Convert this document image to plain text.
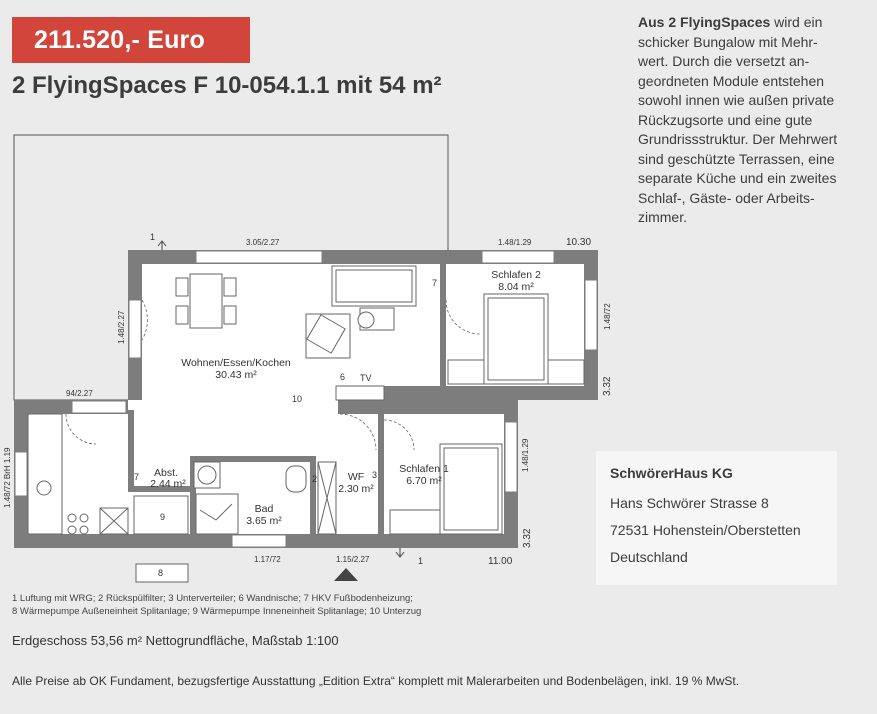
211.520,- Euro
2 FlyingSpaces F 10-054.1.1 mit 54 m²
Aus 2 FlyingSpaces wird ein
schicker Bungalow mit Mehr-
wert. Durch die versetzt an-
geordneten Module entstehen
sowohl innen wie außen private
Rückzugsorte und eine gute
Grundrissstruktur. Der Mehrwert
sind geschützte Terrassen, eine
separate Küche und ein zweites
Schlaf-, Gäste- oder Arbeits-
zimmer.
Wohnen/Essen/Kochen
30.43 m²
Schlafen 2
8.04 m²
Schlafen 1
6.70 m²
Abst.
2.44 m²
Bad
3.65 m²
WF
2.30 m²
3.05/2.27	1.48/1.29	10.30
1.48/2.27	1.48/72
3.32
94/2.27
1.48/72 BrH 1.19	1.48/1.29
3.32
11.00
1.17/72	1.15/2.27
1
1
2	3
6
7
7
8
9
10
TV
SchwörerHaus KG
Hans Schwörer Strasse 8
72531 Hohenstein/Oberstetten
Deutschland
1 Luftung mit WRG; 2 Rückspülfilter; 3 Unterverteiler; 6 Wandnische; 7 HKV Fußbodenheizung;
8 Wärmepumpe Außeneinheit Splitanlage; 9 Wärmepumpe Inneneinheit Splitanlage; 10 Unterzug
Erdgeschoss 53,56 m² Nettogrundfläche, Maßstab 1:100
Alle Preise ab OK Fundament, bezugsfertige Ausstattung „Edition Extra“ komplett mit Malerarbeiten und Bodenbelägen, inkl. 19 % MwSt.
